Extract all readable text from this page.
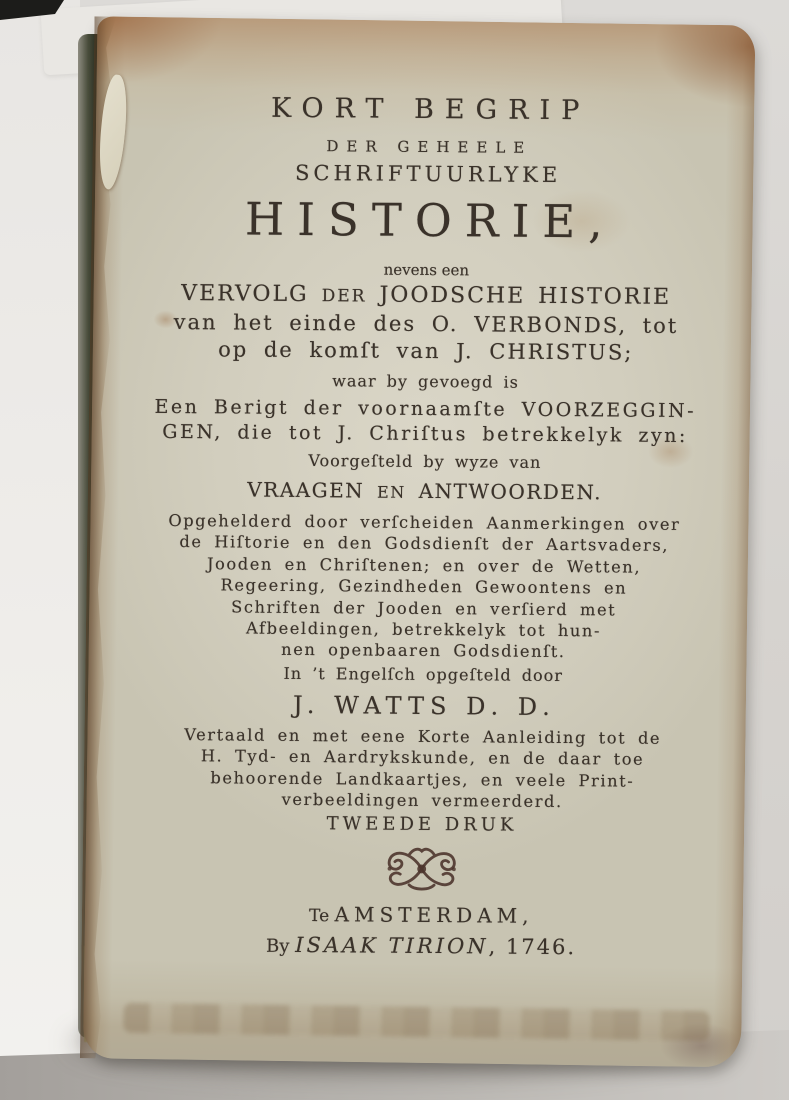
KORT BEGRIP
DER GEHEELE
SCHRIFTUURLYKE
HISTORIE,
nevens een
VERVOLG DER JOODSCHE HISTORIE
van het einde des O. VERBONDS, tot
op de komſt van J. CHRISTUS;
waar by gevoegd is
Een Berigt der voornaamſte VOORZEGGIN-
GEN, die tot J. Chriſtus betrekkelyk zyn:
Voorgeſteld by wyze van
VRAAGEN EN ANTWOORDEN.
Opgehelderd door verſcheiden Aanmerkingen over
de Hiſtorie en den Godsdienſt der Aartsvaders,
Jooden en Chriſtenen; en over de Wetten,
Regeering, Gezindheden Gewoontens en
Schriften der Jooden en verſierd met
Afbeeldingen, betrekkelyk tot hun-
nen openbaaren Godsdienſt.
In ’t Engelſch opgeſteld door
J. WATTS D. D.
Vertaald en met eene Korte Aanleiding tot de
H. Tyd- en Aardrykskunde, en de daar toe
behoorende Landkaartjes, en veele Print-
verbeeldingen vermeerderd.
TWEEDE DRUK
Te AMSTERDAM,
By ISAAK TIRION, 1746.
